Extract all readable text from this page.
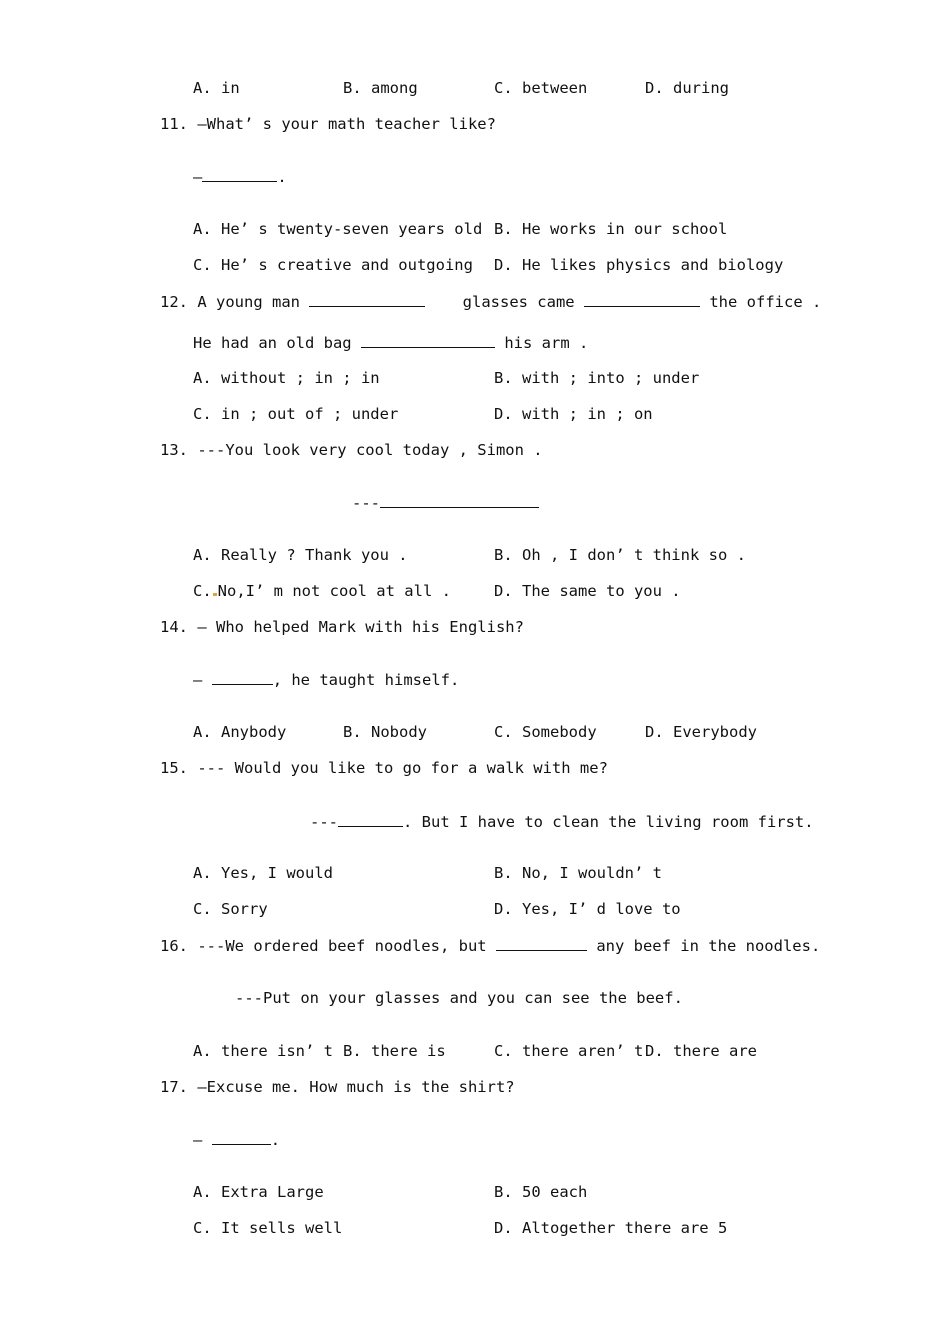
A. in	B. among	C. between	D. during
11. —What’ s your math teacher like?
—	.
A. He’ s twenty-seven years old B. He works in our school
C. He’ s creative and outgoing D. He likes physics and biology
12. A young man	glasses came	the office .
He had an old bag	his arm .
A. without ; in ; in	B. with ; into ; under
C. in ; out of ; under	D. with ; in ; on
13. ---You look very cool today , Simon .
---
A. Really ? Thank you .	B. Oh , I don’ t think so .
C. No,I’ m not cool at all .	D. The same to you .
14. — Who helped Mark with his English?
—	, he taught himself.
A. Anybody	B. Nobody	C. Somebody	D. Everybody
15. --- Would you like to go for a walk with me?
---	. But I have to clean the living room first.
A. Yes, I would	B. No, I wouldn’ t
C. Sorry	D. Yes, I’ d love to
16. ---We ordered beef noodles, but	any beef in the noodles.
---Put on your glasses and you can see the beef.
A. there isn’ t B. there is	C. there aren’ t D. there are
17. —Excuse me. How much is the shirt?
—	.
A. Extra Large	B. 50 each
C. It sells well	D. Altogether there are 5
